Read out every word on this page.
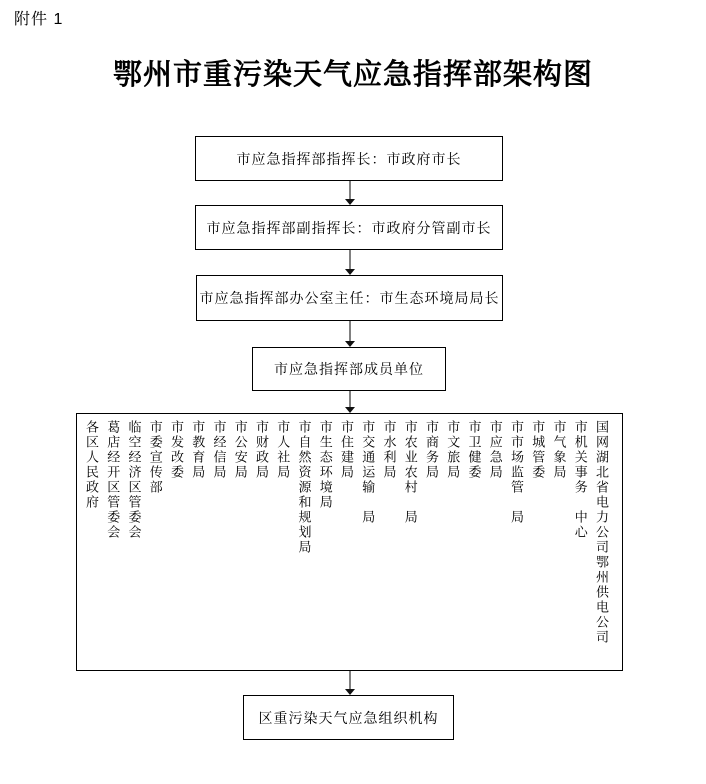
附件 1
鄂州市重污染天气应急指挥部架构图
市应急指挥部指挥长：市政府市长
市应急指挥部副指挥长：市政府分管副市长
市应急指挥部办公室主任：市生态环境局局长
市应急指挥部成员单位
各区人民政府 葛店经开区管委会 临空经济区管委会 市委宣传部 市发改委 市教育局 市经信局 市公安局 市财政局 市人社局 市自然资源和规划局 市生态环境局 市住建局 市交通运输　局 市水利局 市农业农村　局 市商务局 市文旅局 市卫健委 市应急局 市市场监管　局 市城管委 市气象局 市机关事务　中心 国网湖北省电力公司鄂州供电公司
区重污染天气应急组织机构
